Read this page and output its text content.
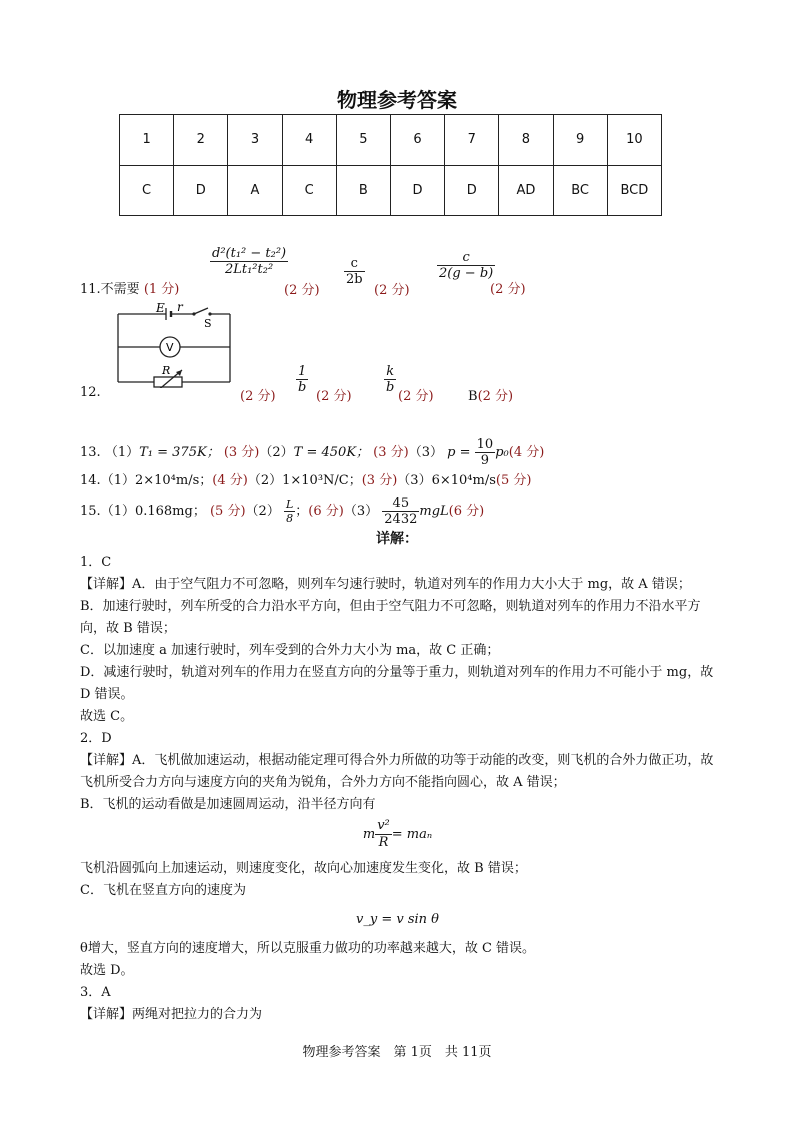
物理参考答案
1	2	3	4	5	6	7	8	9	10
C	D	A	C	B	D	D	AD	BC	BCD
11.不需要 (1 分)
$\frac{\text{d²(t₁² − t₂²)}}{\text{2Lt₁²t₂²}}$
(2 分)
$\frac{c}{2b}$
(2 分)
$\frac{c}{2(g - b)}$
(2 分)
E r
S
V
R
12.	(2 分)
$\frac{1}{b}$
(2 分)
$\frac{k}{b}$
(2 分)	B(2 分)
13. （1）T₁ = 375K； (3 分)（2）T = 450K； (3 分)（3） $p = \frac{10}{9} p_0(4$ 分)
14.（1）2×10⁴m/s；(4 分)（2）1×10³N/C；(3 分)（3）6×10⁴m/s(5 分)
15.（1）0.168mg； (5 分)$(2) \frac{L}{8}$ ；(6 分)$(3) \frac{45}{2432} mgL(6$ 分)
详解：
1．C
【详解】A．由于空气阻力不可忽略，则列车匀速行驶时，轨道对列车的作用力大小大于 mg，故 A 错误；
B．加速行驶时，列车所受的合力沿水平方向，但由于空气阻力不可忽略，则轨道对列车的作用力不沿水平方向，故 B 错误；
C．以加速度 a 加速行驶时，列车受到的合外力大小为 ma，故 C 正确；
D．减速行驶时，轨道对列车的作用力在竖直方向的分量等于重力，则轨道对列车的作用力不可能小于 mg，故 D 错误。
故选 C。
2．D
【详解】A．飞机做加速运动，根据动能定理可得合外力所做的功等于动能的改变，则飞机的合外力做正功，故飞机所受合力方向与速度方向的夹角为锐角，合外力方向不能指向圆心，故 A 错误；
B．飞机的运动看做是加速圆周运动，沿半径方向有
m $\frac{\text{v²}}{R} = ma_n$
飞机沿圆弧向上加速运动，则速度变化，故向心加速度发生变化，故 B 错误；
C．飞机在竖直方向的速度为
v_y = v sin θ
θ增大，竖直方向的速度增大，所以克服重力做功的功率越来越大，故 C 错误。
故选 D。
3．A
【详解】两绳对把拉力的合力为
物理参考答案　第 1页　共 11页
